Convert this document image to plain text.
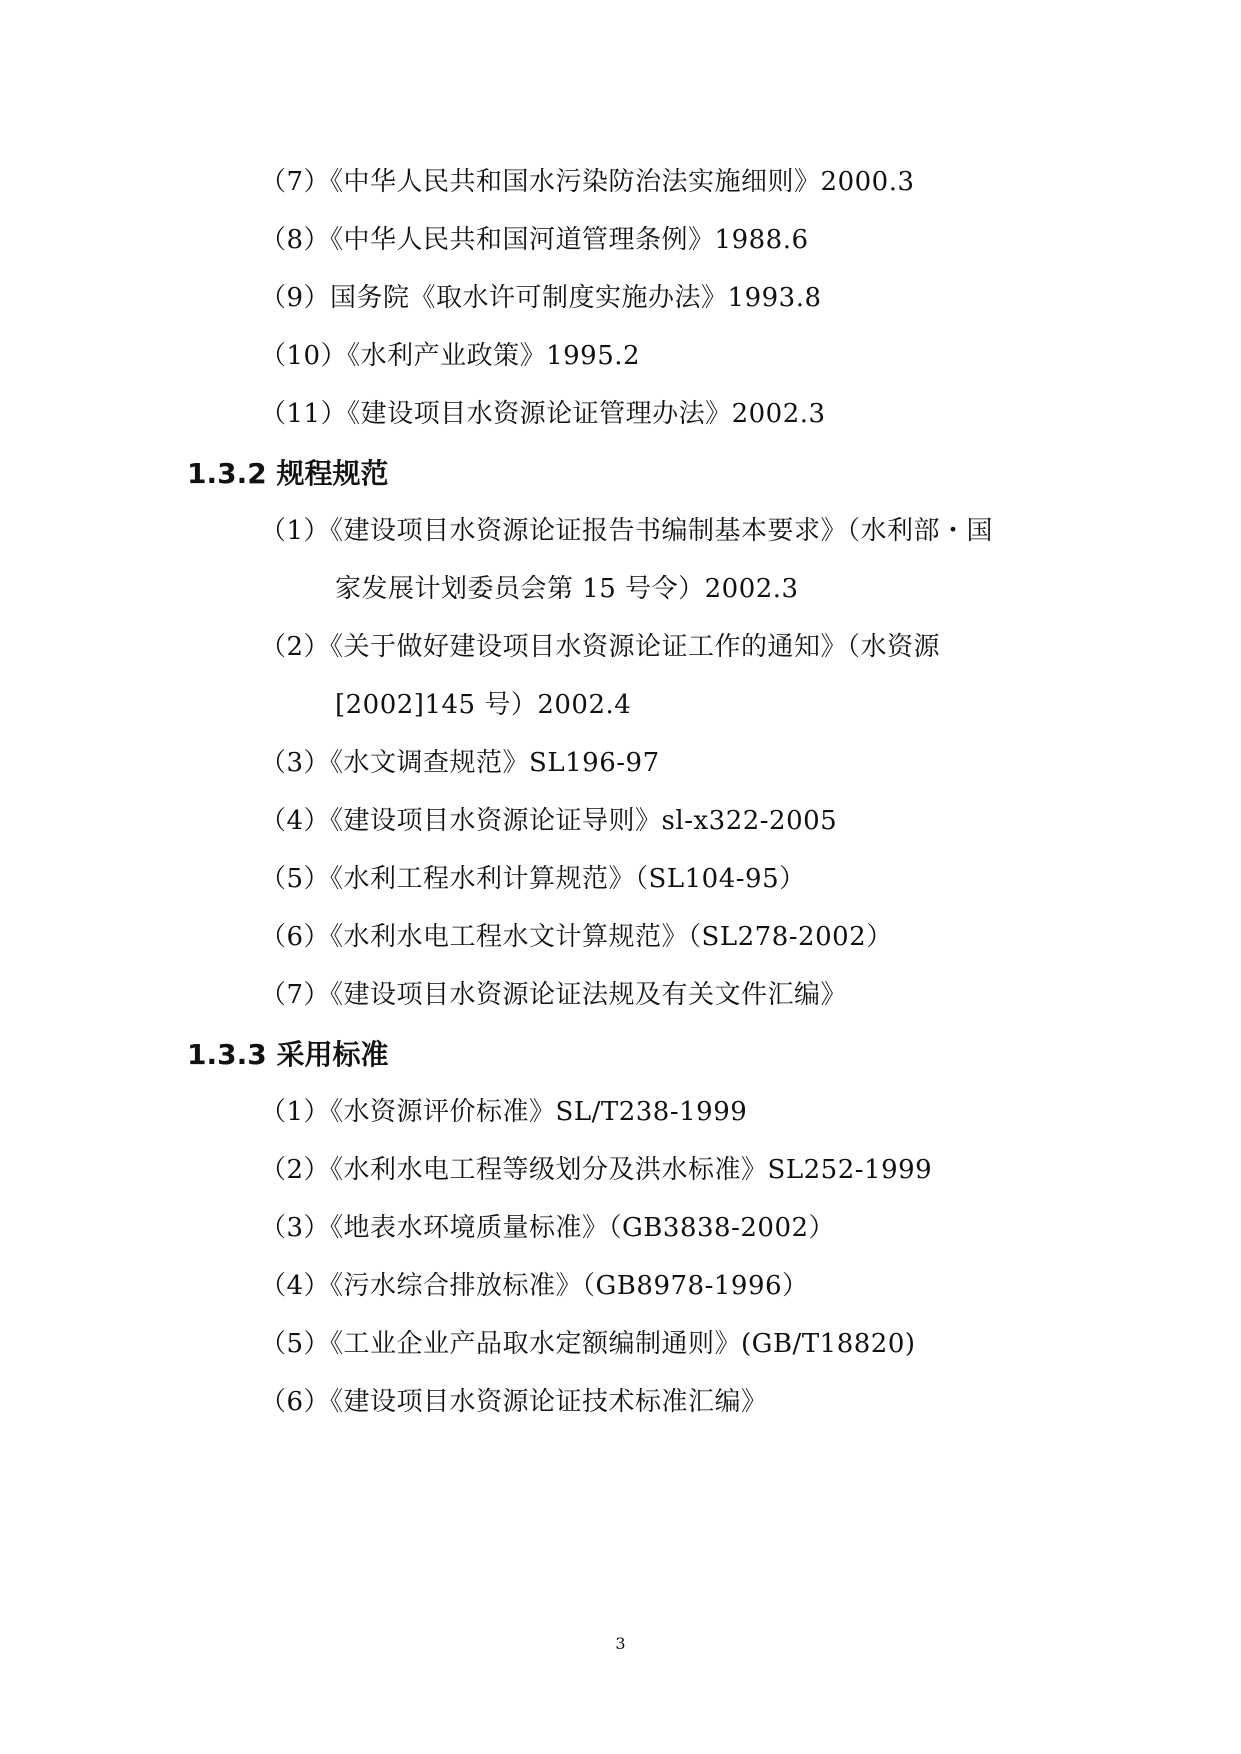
（7）《中华人民共和国水污染防治法实施细则》2000.3
（8）《中华人民共和国河道管理条例》1988.6
（9）国务院《取水许可制度实施办法》1993.8
（10）《水利产业政策》1995.2
（11）《建设项目水资源论证管理办法》2002.3
1.3.2 规程规范
（1）《建设项目水资源论证报告书编制基本要求》（水利部・国
家发展计划委员会第 15 号令）2002.3
（2）《关于做好建设项目水资源论证工作的通知》（水资源
[2002]145 号）2002.4
（3）《水文调查规范》SL196-97
（4）《建设项目水资源论证导则》sl-x322-2005
（5）《水利工程水利计算规范》（SL104-95）
（6）《水利水电工程水文计算规范》（SL278-2002）
（7）《建设项目水资源论证法规及有关文件汇编》
1.3.3 采用标准
（1）《水资源评价标准》SL/T238-1999
（2）《水利水电工程等级划分及洪水标准》SL252-1999
（3）《地表水环境质量标准》（GB3838-2002）
（4）《污水综合排放标准》（GB8978-1996）
（5）《工业企业产品取水定额编制通则》(GB/T18820)
（6）《建设项目水资源论证技术标准汇编》
3
